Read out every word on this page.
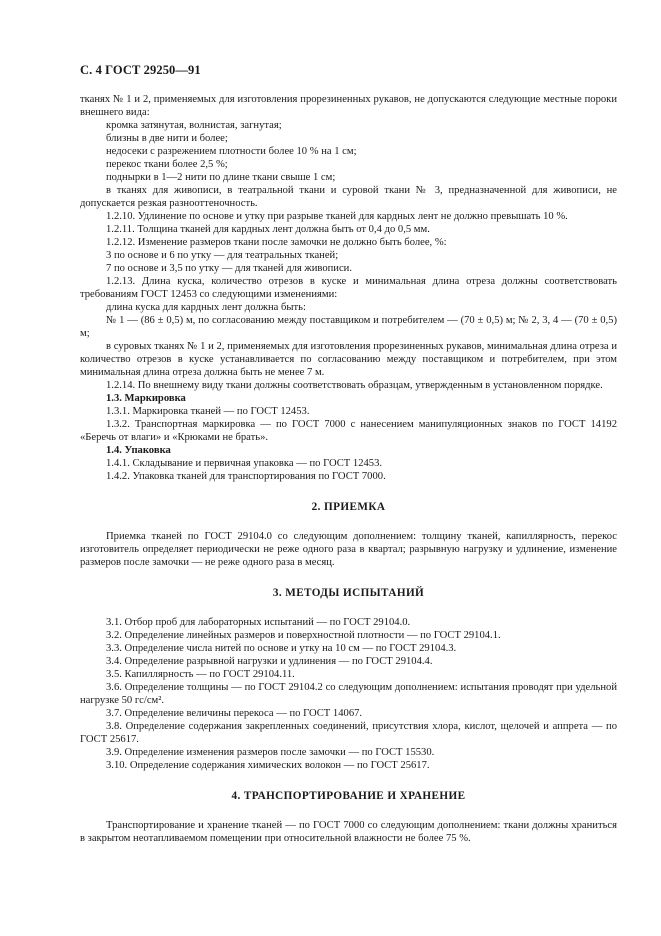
С. 4 ГОСТ 29250—91

тканях № 1 и 2, применяемых для изготовления прорезиненных рукавов, не допускаются следующие местные пороки внешнего вида:

кромка затянутая, волнистая, загнутая;

близны в две нити и более;

недосеки с разрежением плотности более 10 % на 1 см;

перекос ткани более 2,5 %;

поднырки в 1—2 нити по длине ткани свыше 1 см;

в тканях для живописи, в театральной ткани и суровой ткани № 3, предназначенной для живописи, не допускается резкая разнооттеночность.

1.2.10. Удлинение по основе и утку при разрыве тканей для кардных лент не должно превышать 10 %.

1.2.11. Толщина тканей для кардных лент должна быть от 0,4 до 0,5 мм.

1.2.12. Изменение размеров ткани после замочки не должно быть более, %:

3 по основе и 6 по утку — для театральных тканей;

7 по основе и 3,5 по утку — для тканей для живописи.

1.2.13. Длина куска, количество отрезов в куске и минимальная длина отреза должны соответствовать требованиям ГОСТ 12453 со следующими изменениями:

длина куска для кардных лент должна быть:

№ 1 — (86 ± 0,5) м, по согласованию между поставщиком и потребителем — (70 ± 0,5) м; № 2, 3, 4 — (70 ± 0,5) м;

в суровых тканях № 1 и 2, применяемых для изготовления прорезиненных рукавов, минимальная длина отреза и количество отрезов в куске устанавливается по согласованию между поставщиком и потребителем, при этом минимальная длина отреза должна быть не менее 7 м.

1.2.14. По внешнему виду ткани должны соответствовать образцам, утвержденным в установленном порядке.

1.3. Маркировка

1.3.1. Маркировка тканей — по ГОСТ 12453.

1.3.2. Транспортная маркировка — по ГОСТ 7000 с нанесением манипуляционных знаков по ГОСТ 14192 «Беречь от влаги» и «Крюками не брать».

1.4. Упаковка

1.4.1. Складывание и первичная упаковка — по ГОСТ 12453.

1.4.2. Упаковка тканей для транспортирования по ГОСТ 7000.

2. ПРИЕМКА

Приемка тканей по ГОСТ 29104.0 со следующим дополнением: толщину тканей, капиллярность, перекос изготовитель определяет периодически не реже одного раза в квартал; разрывную нагрузку и удлинение, изменение размеров после замочки — не реже одного раза в месяц.

3. МЕТОДЫ ИСПЫТАНИЙ

3.1. Отбор проб для лабораторных испытаний — по ГОСТ 29104.0.

3.2. Определение линейных размеров и поверхностной плотности — по ГОСТ 29104.1.

3.3. Определение числа нитей по основе и утку на 10 см — по ГОСТ 29104.3.

3.4. Определение разрывной нагрузки и удлинения — по ГОСТ 29104.4.

3.5. Капиллярность — по ГОСТ 29104.11.

3.6. Определение толщины — по ГОСТ 29104.2 со следующим дополнением: испытания проводят при удельной нагрузке 50 гс/см².

3.7. Определение величины перекоса — по ГОСТ 14067.

3.8. Определение содержания закрепленных соединений, присутствия хлора, кислот, щелочей и аппрета — по ГОСТ 25617.

3.9. Определение изменения размеров после замочки — по ГОСТ 15530.

3.10. Определение содержания химических волокон — по ГОСТ 25617.

4. ТРАНСПОРТИРОВАНИЕ И ХРАНЕНИЕ

Транспортирование и хранение тканей — по ГОСТ 7000 со следующим дополнением: ткани должны храниться в закрытом неотапливаемом помещении при относительной влажности не более 75 %.
